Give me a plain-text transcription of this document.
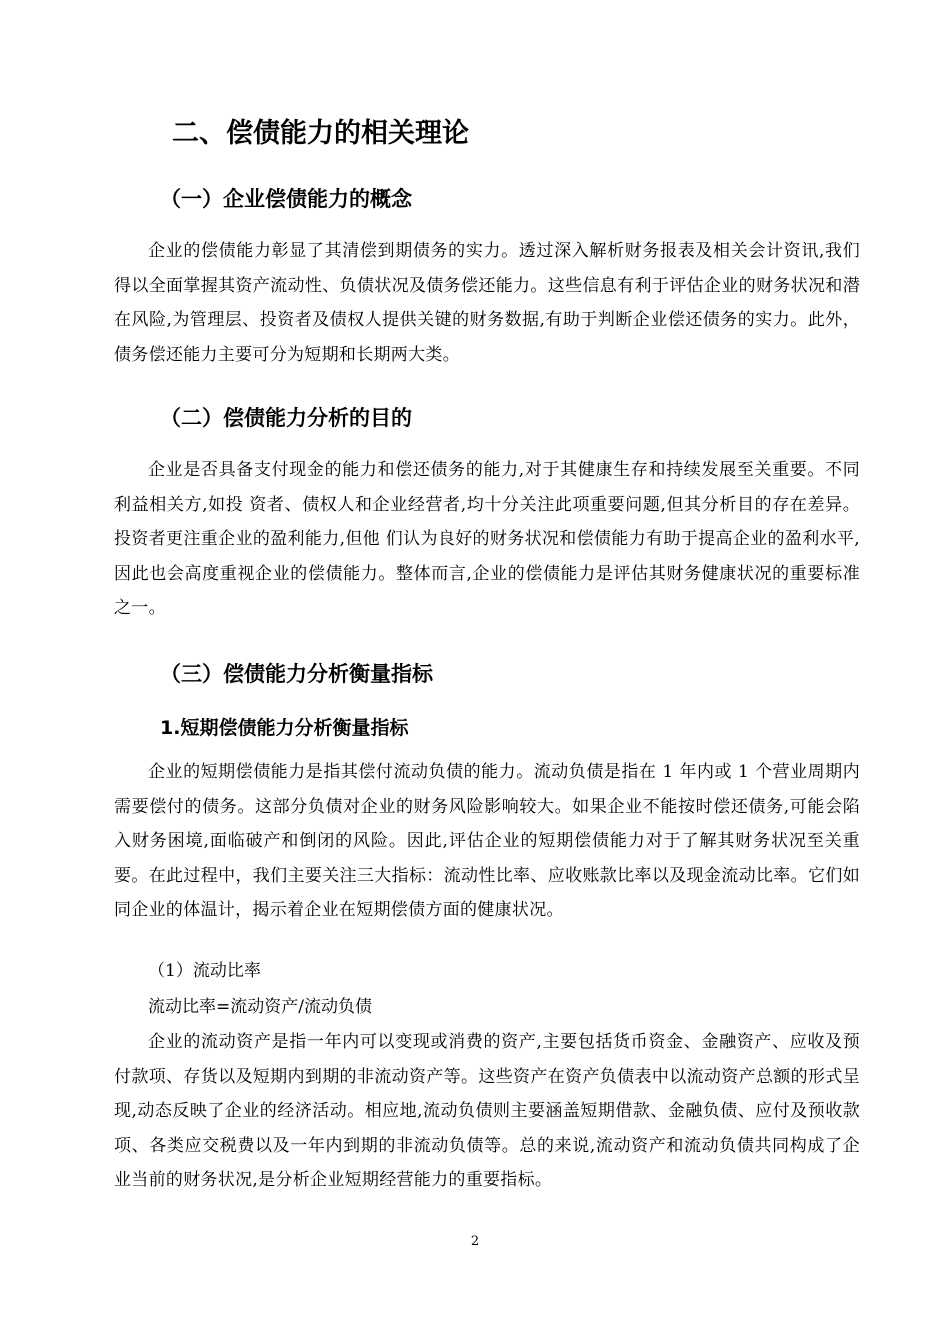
二、偿债能力的相关理论
（一）企业偿债能力的概念

企业的偿债能力彰显了其清偿到期债务的实力。透过深入解析财务报表及相关会计资讯,我们得以全面掌握其资产流动性、负债状况及债务偿还能力。这些信息有利于评估企业的财务状况和潜在风险,为管理层、投资者及债权人提供关键的财务数据,有助于判断企业偿还债务的实力。此外，债务偿还能力主要可分为短期和长期两大类。

（二）偿债能力分析的目的

企业是否具备支付现金的能力和偿还债务的能力,对于其健康生存和持续发展至关重要。不同利益相关方,如投 资者、债权人和企业经营者,均十分关注此项重要问题,但其分析目的存在差异。投资者更注重企业的盈利能力,但他 们认为良好的财务状况和偿债能力有助于提高企业的盈利水平,因此也会高度重视企业的偿债能力。整体而言,企业的偿债能力是评估其财务健康状况的重要标准之一。

（三）偿债能力分析衡量指标
1.短期偿债能力分析衡量指标

企业的短期偿债能力是指其偿付流动负债的能力。流动负债是指在 1 年内或 1 个营业周期内需要偿付的债务。这部分负债对企业的财务风险影响较大。如果企业不能按时偿还债务,可能会陷入财务困境,面临破产和倒闭的风险。因此,评估企业的短期偿债能力对于了解其财务状况至关重要。在此过程中，我们主要关注三大指标：流动性比率、应收账款比率以及现金流动比率。它们如同企业的体温计，揭示着企业在短期偿债方面的健康状况。

（1）流动比率

流动比率=流动资产/流动负债

企业的流动资产是指一年内可以变现或消费的资产,主要包括货币资金、金融资产、应收及预付款项、存货以及短期内到期的非流动资产等。这些资产在资产负债表中以流动资产总额的形式呈现,动态反映了企业的经济活动。相应地,流动负债则主要涵盖短期借款、金融负债、应付及预收款项、各类应交税费以及一年内到期的非流动负债等。总的来说,流动资产和流动负债共同构成了企业当前的财务状况,是分析企业短期经营能力的重要指标。

2
